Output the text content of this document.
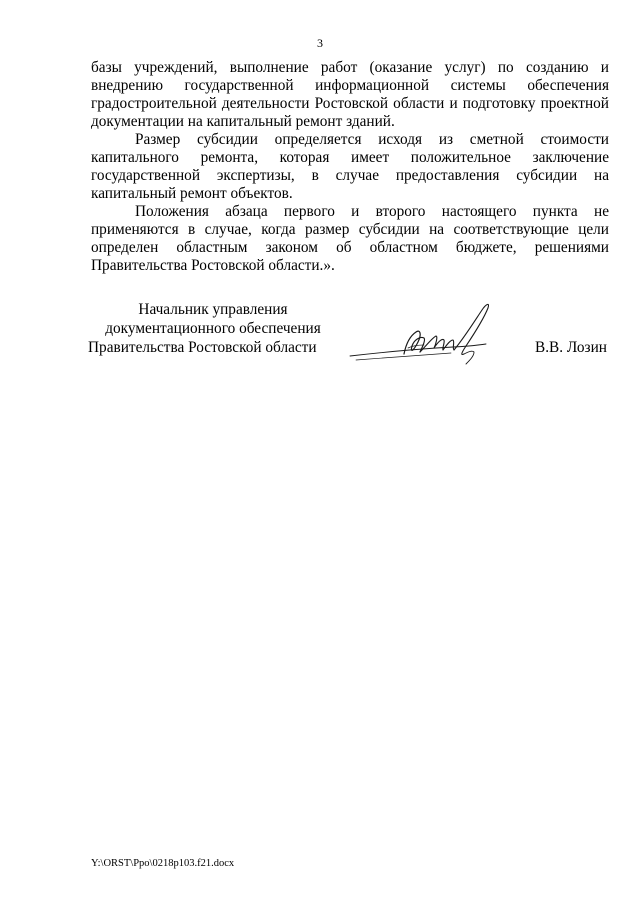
3

базы учреждений, выполнение работ (оказание услуг) по созданию и внедрению государственной информационной системы обеспечения градостроительной деятельности Ростовской области и подготовку проектной документации на капитальный ремонт зданий.

Размер субсидии определяется исходя из сметной стоимости капитального ремонта, которая имеет положительное заключение государственной экспертизы, в случае предоставления субсидии на капитальный ремонт объектов.

Положения абзаца первого и второго настоящего пункта не применяются в случае, когда размер субсидии на соответствующие цели определен областным законом об областном бюджете, решениями Правительства Ростовской области.».

Начальник управления
документационного обеспечения
Правительства Ростовской области	В.В. Лозин
Y:\ORST\Ppo\0218p103.f21.docx
